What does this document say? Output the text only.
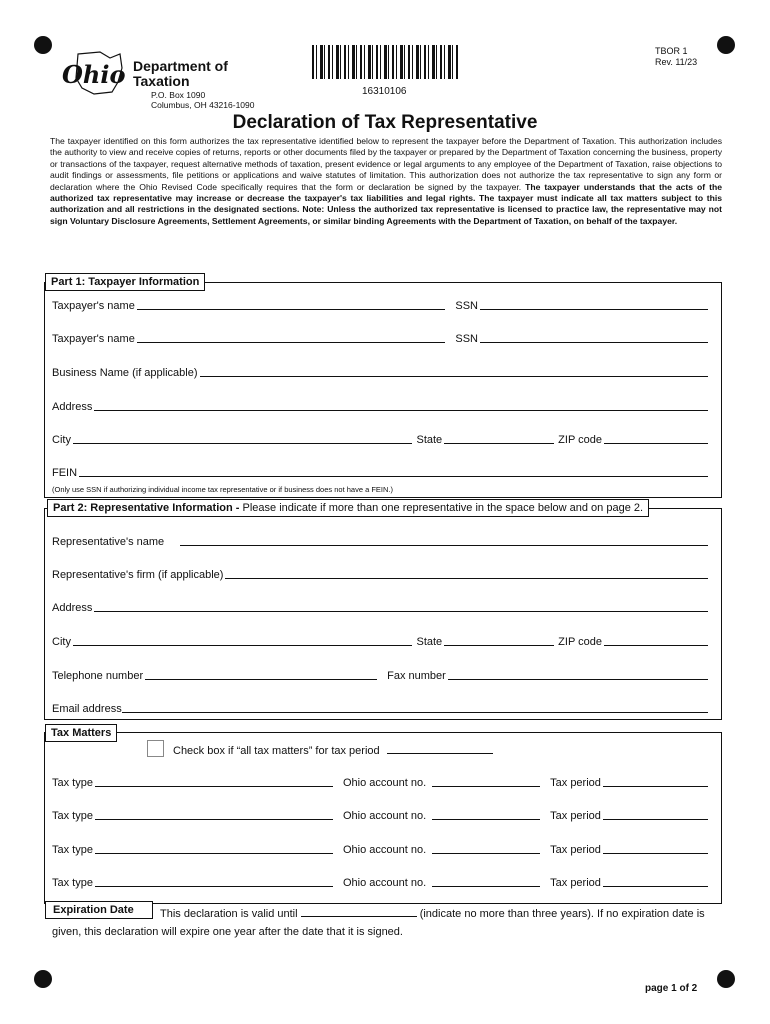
Ohio Department of
Taxation
P.O. Box 1090
Columbus, OH 43216-1090
16310106
TBOR 1
Rev. 11/23
Declaration of Tax Representative
The taxpayer identified on this form authorizes the tax representative identified below to represent the taxpayer before the Department of Taxation. This authorization includes the authority to view and receive copies of returns, reports or other documents filed by the taxpayer or prepared by the Department of Taxation concerning the business, property or transactions of the taxpayer, request alternative methods of taxation, present evidence or legal arguments to any employee of the Department of Taxation, raise objections to audit findings or assessments, file petitions or applications and waive statutes of limitation. This authorization does not authorize the tax representative to sign any form or declaration where the Ohio Revised Code specifically requires that the form or declaration be signed by the taxpayer. The taxpayer understands that the acts of the authorized tax representative may increase or decrease the taxpayer's tax liabilities and legal rights. The taxpayer must indicate all tax matters subject to this authorization and all restrictions in the designated sections. Note: Unless the authorized tax representative is licensed to practice law, the representative may not sign Voluntary Disclosure Agreements, Settlement Agreements, or similar binding Agreements with the Department of Taxation, on behalf of the taxpayer.
Part 1: Taxpayer Information
Taxpayer's name	SSN
Taxpayer's name	SSN
Business Name (if applicable)
Address
City	State	ZIP code
FEIN
(Only use SSN if authorizing individual income tax representative or if business does not have a FEIN.)
Part 2: Representative Information - Please indicate if more than one representative in the space below and on page 2.
Representative's name
Representative's firm (if applicable)
Address
City	State	ZIP code
Telephone number	Fax number
Email address
Tax Matters
Check box if “all tax matters” for tax period
Tax type	Ohio account no.	Tax period
Tax type	Ohio account no.	Tax period
Tax type	Ohio account no.	Tax period
Tax type	Ohio account no.	Tax period
Expiration Date	This declaration is valid until	(indicate no more than three years). If no expiration date is
given, this declaration will expire one year after the date that it is signed.
page 1 of 2
